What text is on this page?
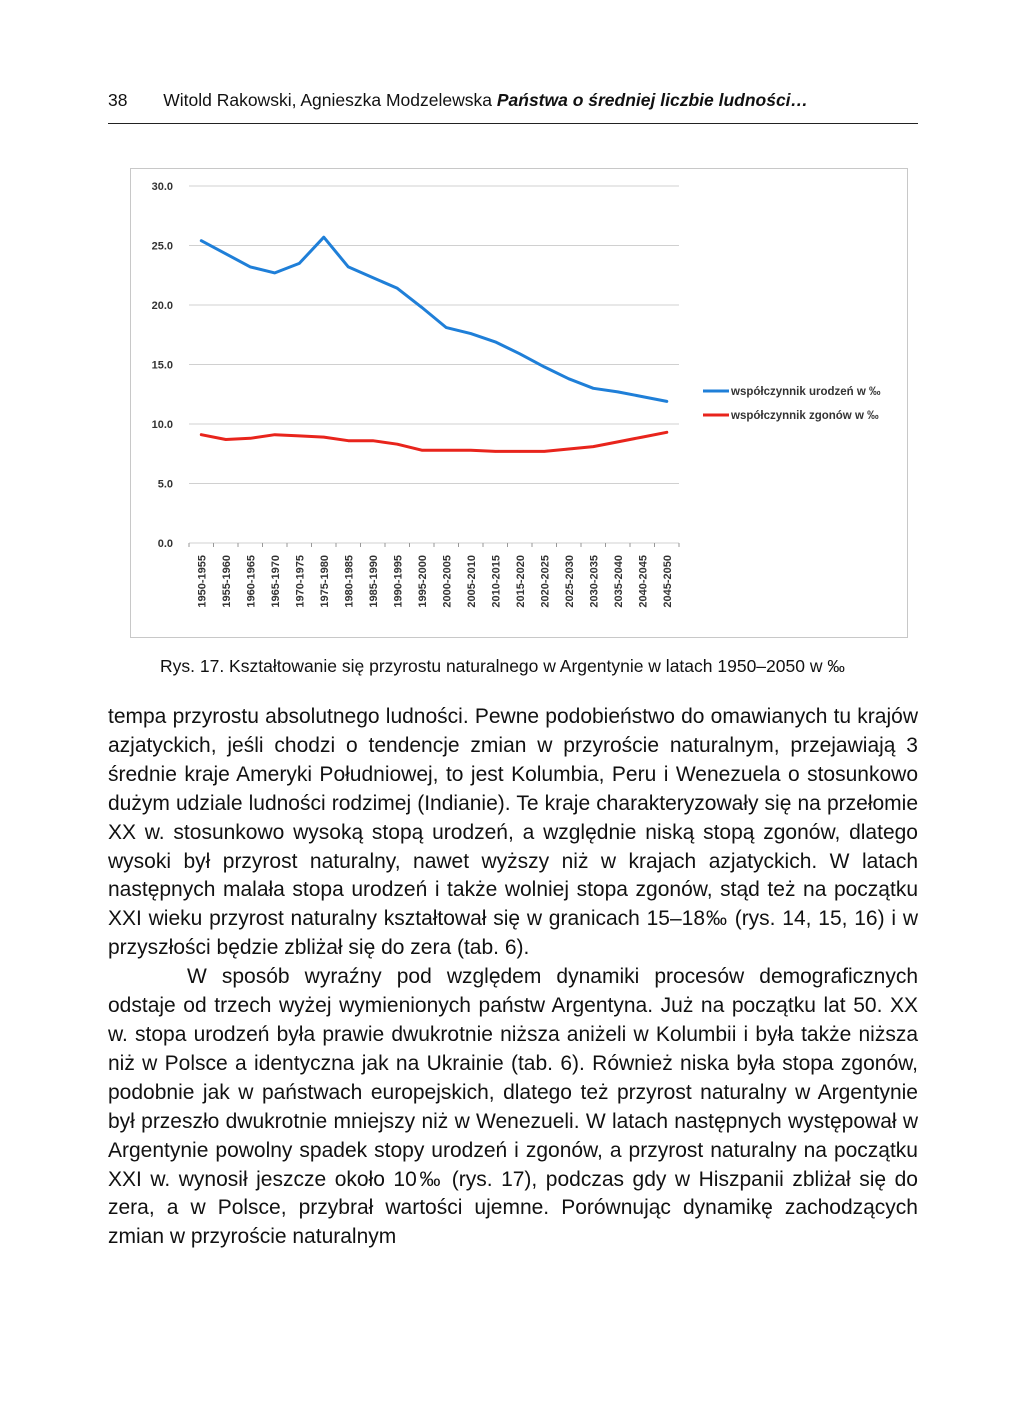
38 Witold Rakowski, Agnieszka Modzelewska Państwa o średniej liczbie ludności…
0.0
5.0
10.0
15.0
20.0
25.0
30.0
1950-1955 1955-1960 1960-1965 1965-1970 1970-1975 1975-1980 1980-1985 1985-1990 1990-1995 1995-2000 2000-2005 2005-2010 2010-2015 2015-2020 2020-2025 2025-2030 2030-2035 2035-2040 2040-2045 2045-2050
współczynnik urodzeń w ‰
współczynnik zgonów w ‰
Rys. 17. Kształtowanie się przyrostu naturalnego w Argentynie w latach 1950–2050 w ‰

tempa przyrostu absolutnego ludności. Pewne podobieństwo do omawianych tu krajów azjatyckich, jeśli chodzi o tendencje zmian w przyroście naturalnym, przejawiają 3 średnie kraje Ameryki Południowej, to jest Kolumbia, Peru i Wenezuela o stosunkowo dużym udziale ludności rodzimej (Indianie). Te kraje charakteryzowały się na przełomie XX w. stosunkowo wysoką stopą urodzeń, a względnie niską stopą zgonów, dlatego wysoki był przyrost naturalny, nawet wyższy niż w krajach azjatyckich. W latach następnych malała stopa urodzeń i także wolniej stopa zgonów, stąd też na początku XXI wieku przyrost naturalny kształtował się w granicach 15–18‰ (rys. 14, 15, 16) i w przyszłości będzie zbliżał się do zera (tab. 6).

W sposób wyraźny pod względem dynamiki procesów demograficznych odstaje od trzech wyżej wymienionych państw Argentyna. Już na początku lat 50. XX w. stopa urodzeń była prawie dwukrotnie niższa aniżeli w Kolumbii i była także niższa niż w Polsce a identyczna jak na Ukrainie (tab. 6). Również niska była stopa zgonów, podobnie jak w państwach europejskich, dlatego też przyrost naturalny w Argentynie był przeszło dwukrotnie mniejszy niż w Wenezueli. W latach następnych występował w Argentynie powolny spadek stopy urodzeń i zgonów, a przyrost naturalny na początku XXI w. wynosił jeszcze około 10‰ (rys. 17), podczas gdy w Hiszpanii zbliżał się do zera, a w Polsce, przybrał wartości ujemne. Porównując dynamikę zachodzących zmian w przyroście naturalnym
